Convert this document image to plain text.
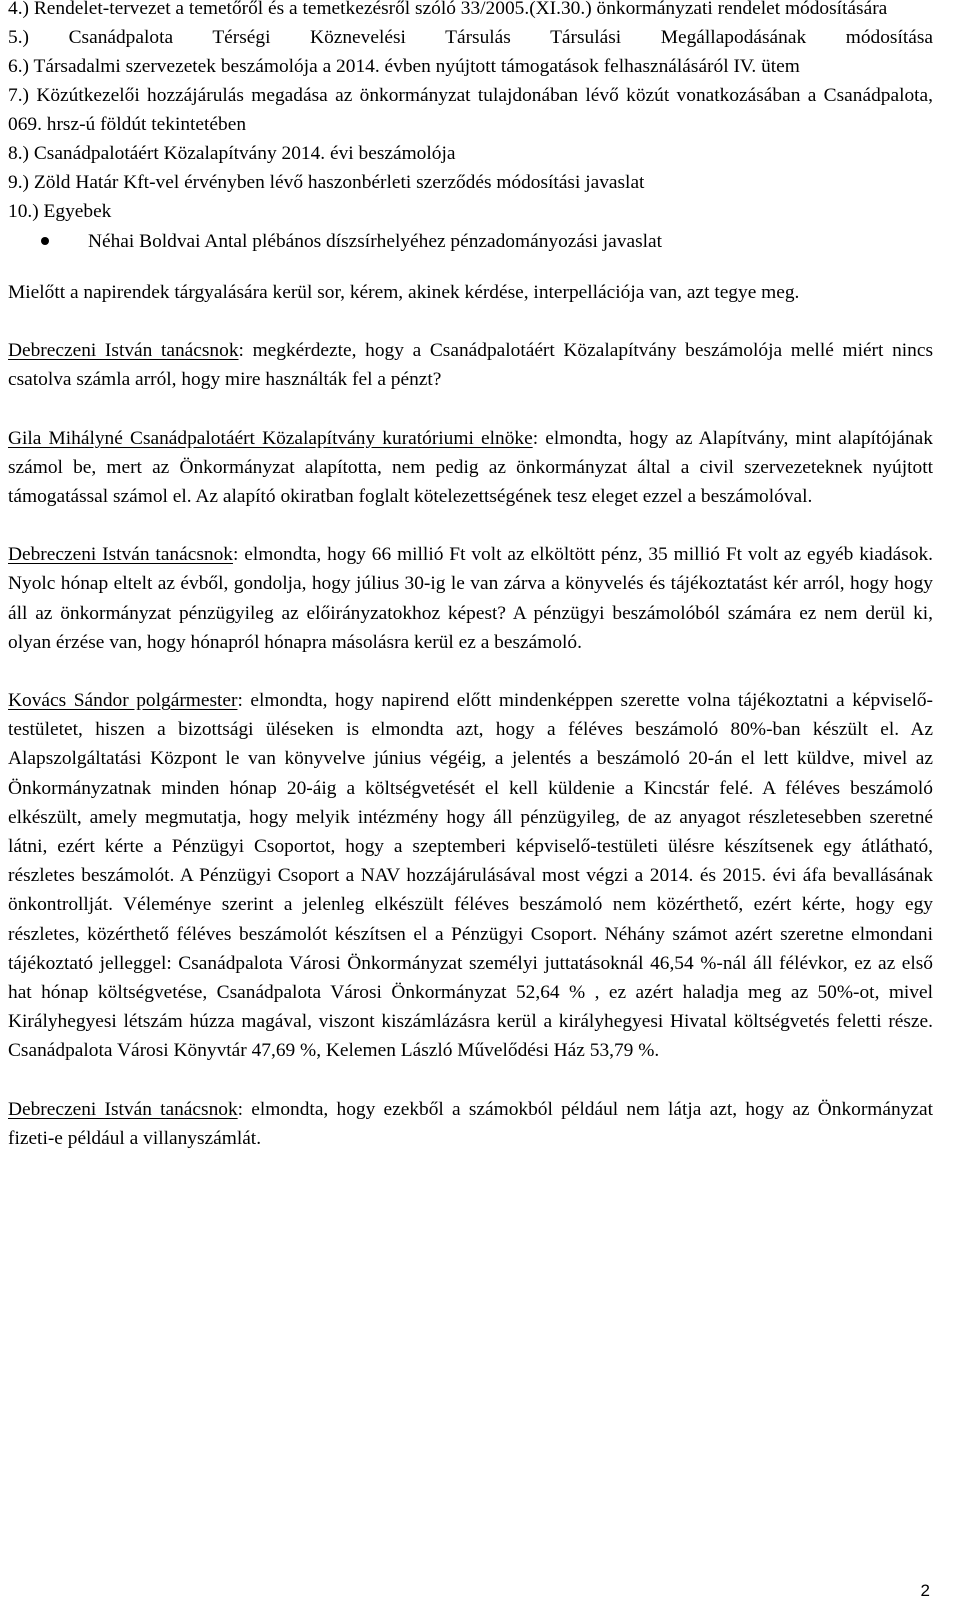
4.) Rendelet-tervezet a temetőről és a temetkezésről szóló 33/2005.(XI.30.) önkormányzati rendelet módosítására
5.) Csanádpalota Térségi Köznevelési Társulás Társulási Megállapodásának módosítása
6.) Társadalmi szervezetek beszámolója a 2014. évben nyújtott támogatások felhasználásáról IV. ütem
7.) Közútkezelői hozzájárulás megadása az önkormányzat tulajdonában lévő közút vonatkozásában a Csanádpalota, 069. hrsz-ú földút tekintetében
8.) Csanádpalotáért Közalapítvány 2014. évi beszámolója
9.) Zöld Határ Kft-vel érvényben lévő haszonbérleti szerződés módosítási javaslat
10.) Egyebek
Néhai Boldvai Antal plébános díszsírhelyéhez pénzadományozási javaslat
Mielőtt a napirendek tárgyalására kerül sor, kérem, akinek kérdése, interpellációja van, azt tegye meg.
Debreczeni István tanácsnok: megkérdezte, hogy a Csanádpalotáért Közalapítvány beszámolója mellé miért nincs csatolva számla arról, hogy mire használták fel a pénzt?
Gila Mihályné Csanádpalotáért Közalapítvány kuratóriumi elnöke: elmondta, hogy az Alapítvány, mint alapítójának számol be, mert az Önkormányzat alapította, nem pedig az önkormányzat által a civil szervezeteknek nyújtott támogatással számol el. Az alapító okiratban foglalt kötelezettségének tesz eleget ezzel a beszámolóval.
Debreczeni István tanácsnok: elmondta, hogy 66 millió Ft volt az elköltött pénz, 35 millió Ft volt az egyéb kiadások. Nyolc hónap eltelt az évből, gondolja, hogy július 30-ig le van zárva a könyvelés és tájékoztatást kér arról, hogy hogy áll az önkormányzat pénzügyileg az előirányzatokhoz képest? A pénzügyi beszámolóból számára ez nem derül ki, olyan érzése van, hogy hónapról hónapra másolásra kerül ez a beszámoló.
Kovács Sándor polgármester: elmondta, hogy napirend előtt mindenképpen szerette volna tájékoztatni a képviselő-testületet, hiszen a bizottsági üléseken is elmondta azt, hogy a féléves beszámoló 80%-ban készült el. Az Alapszolgáltatási Központ le van könyvelve június végéig, a jelentés a beszámoló 20-án el lett küldve, mivel az Önkormányzatnak minden hónap 20-áig a költségvetését el kell küldenie a Kincstár felé. A féléves beszámoló elkészült, amely megmutatja, hogy melyik intézmény hogy áll pénzügyileg, de az anyagot részletesebben szeretné látni, ezért kérte a Pénzügyi Csoportot, hogy a szeptemberi képviselő-testületi ülésre készítsenek egy átlátható, részletes beszámolót. A Pénzügyi Csoport a NAV hozzájárulásával most végzi a 2014. és 2015. évi áfa bevallásának önkontrollját. Véleménye szerint a jelenleg elkészült féléves beszámoló nem közérthető, ezért kérte, hogy egy részletes, közérthető féléves beszámolót készítsen el a Pénzügyi Csoport. Néhány számot azért szeretne elmondani tájékoztató jelleggel: Csanádpalota Városi Önkormányzat személyi juttatásoknál 46,54 %-nál áll félévkor, ez az első hat hónap költségvetése, Csanádpalota Városi Önkormányzat 52,64 % , ez azért haladja meg az 50%-ot, mivel Királyhegyesi létszám húzza magával, viszont kiszámlázásra kerül a királyhegyesi Hivatal költségvetés feletti része. Csanádpalota Városi Könyvtár 47,69 %, Kelemen László Művelődési Ház 53,79 %.
Debreczeni István tanácsnok: elmondta, hogy ezekből a számokból például nem látja azt, hogy az Önkormányzat fizeti-e például a villanyszámlát.
2
